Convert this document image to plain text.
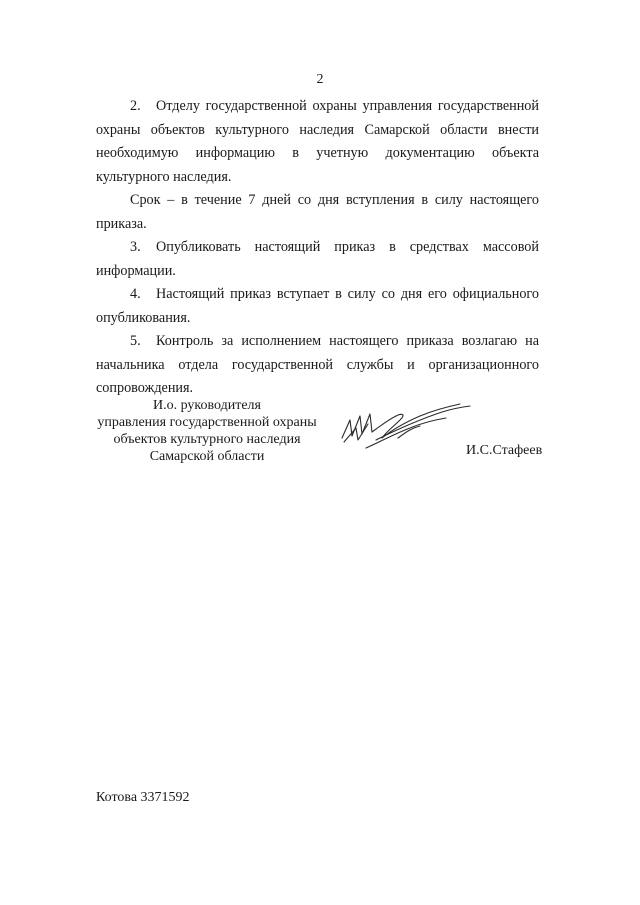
2

2. Отделу государственной охраны управления государственной охраны объектов культурного наследия Самарской области внести необходимую информацию в учетную документацию объекта культурного наследия.

Срок – в течение 7 дней со дня вступления в силу настоящего приказа.

3. Опубликовать настоящий приказ в средствах массовой информации.

4. Настоящий приказ вступает в силу со дня его официального опубликования.

5. Контроль за исполнением настоящего приказа возлагаю на начальника отдела государственной службы и организационного сопровождения.

И.о. руководителя
управления государственной охраны
объектов культурного наследия
Самарской области	И.С.Стафеев
Котова 3371592
